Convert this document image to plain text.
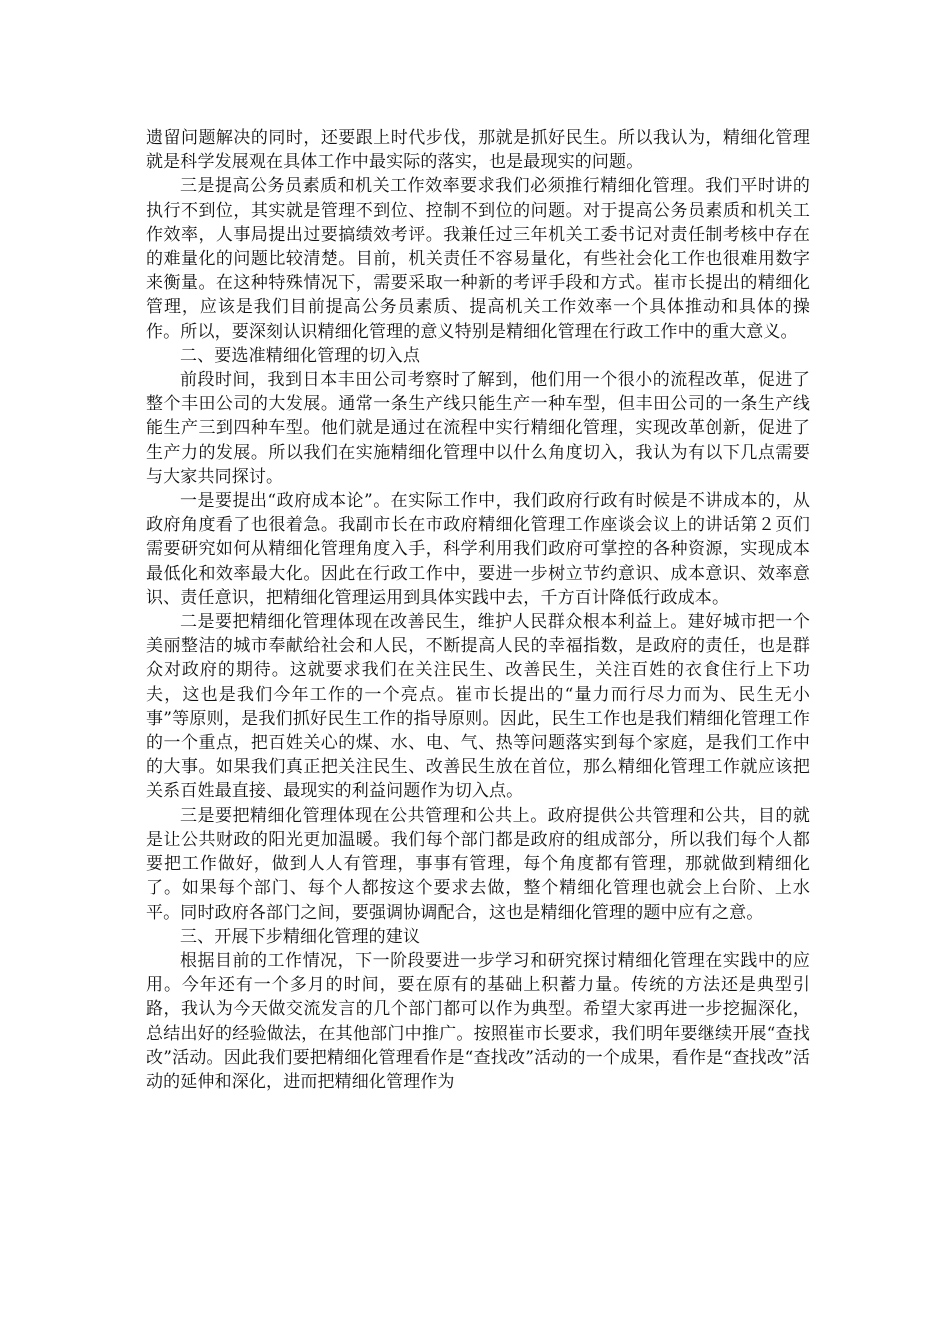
遗留问题解决的同时，还要跟上时代步伐，那就是抓好民生。所以我认为，精细化管理就是科学发展观在具体工作中最实际的落实，也是最现实的问题。

三是提高公务员素质和机关工作效率要求我们必须推行精细化管理。我们平时讲的执行不到位，其实就是管理不到位、控制不到位的问题。对于提高公务员素质和机关工作效率，人事局提出过要搞绩效考评。我兼任过三年机关工委书记对责任制考核中存在的难量化的问题比较清楚。目前，机关责任不容易量化，有些社会化工作也很难用数字来衡量。在这种特殊情况下，需要采取一种新的考评手段和方式。崔市长提出的精细化管理，应该是我们目前提高公务员素质、提高机关工作效率一个具体推动和具体的操作。所以，要深刻认识精细化管理的意义特别是精细化管理在行政工作中的重大意义。

二、要选准精细化管理的切入点

前段时间，我到日本丰田公司考察时了解到，他们用一个很小的流程改革，促进了整个丰田公司的大发展。通常一条生产线只能生产一种车型，但丰田公司的一条生产线能生产三到四种车型。他们就是通过在流程中实行精细化管理，实现改革创新，促进了生产力的发展。所以我们在实施精细化管理中以什么角度切入，我认为有以下几点需要与大家共同探讨。

一是要提出“政府成本论”。在实际工作中，我们政府行政有时候是不讲成本的，从政府角度看了也很着急。我副市长在市政府精细化管理工作座谈会议上的讲话第２页们需要研究如何从精细化管理角度入手，科学利用我们政府可掌控的各种资源，实现成本最低化和效率最大化。因此在行政工作中，要进一步树立节约意识、成本意识、效率意识、责任意识，把精细化管理运用到具体实践中去，千方百计降低行政成本。

二是要把精细化管理体现在改善民生，维护人民群众根本利益上。建好城市把一个美丽整洁的城市奉献给社会和人民，不断提高人民的幸福指数，是政府的责任，也是群众对政府的期待。这就要求我们在关注民生、改善民生，关注百姓的衣食住行上下功夫，这也是我们今年工作的一个亮点。崔市长提出的“量力而行尽力而为、民生无小事”等原则，是我们抓好民生工作的指导原则。因此，民生工作也是我们精细化管理工作的一个重点，把百姓关心的煤、水、电、气、热等问题落实到每个家庭，是我们工作中的大事。如果我们真正把关注民生、改善民生放在首位，那么精细化管理工作就应该把关系百姓最直接、最现实的利益问题作为切入点。

三是要把精细化管理体现在公共管理和公共上。政府提供公共管理和公共，目的就是让公共财政的阳光更加温暖。我们每个部门都是政府的组成部分，所以我们每个人都要把工作做好，做到人人有管理，事事有管理，每个角度都有管理，那就做到精细化了。如果每个部门、每个人都按这个要求去做，整个精细化管理也就会上台阶、上水平。同时政府各部门之间，要强调协调配合，这也是精细化管理的题中应有之意。

三、开展下步精细化管理的建议

根据目前的工作情况，下一阶段要进一步学习和研究探讨精细化管理在实践中的应用。今年还有一个多月的时间，要在原有的基础上积蓄力量。传统的方法还是典型引路，我认为今天做交流发言的几个部门都可以作为典型。希望大家再进一步挖掘深化，总结出好的经验做法，在其他部门中推广。按照崔市长要求，我们明年要继续开展“查找改”活动。因此我们要把精细化管理看作是“查找改”活动的一个成果，看作是“查找改”活动的延伸和深化，进而把精细化管理作为
